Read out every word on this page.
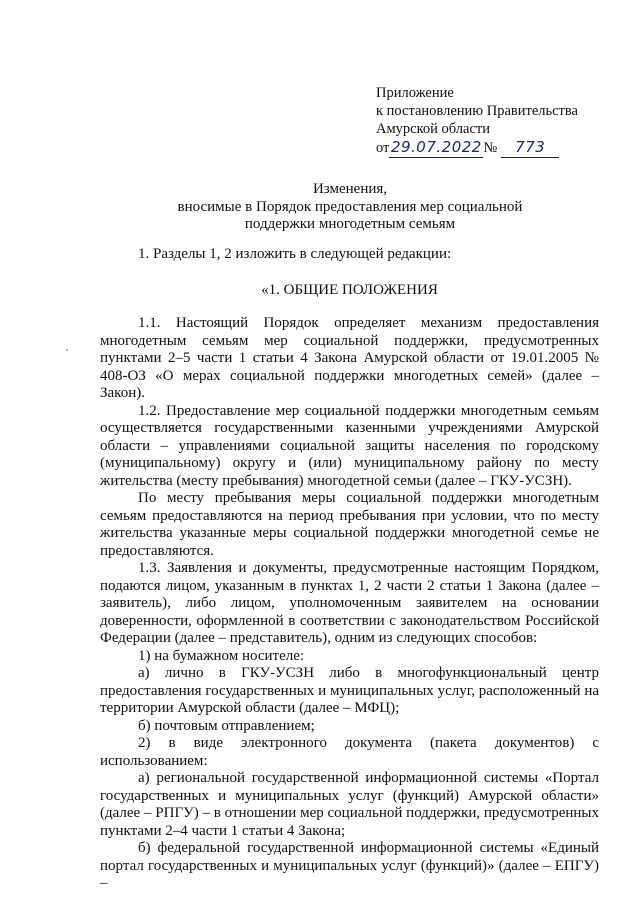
Приложение
к постановлению Правительства
Амурской области
от 29.07.2022 № 773
Изменения,
вносимые в Порядок предоставления мер социальной
поддержки многодетным семьям

1. Разделы 1, 2 изложить в следующей редакции:

«1. ОБЩИЕ ПОЛОЖЕНИЯ

1.1. Настоящий Порядок определяет механизм предоставления многодетным семьям мер социальной поддержки, предусмотренных пунктами 2–5 части 1 статьи 4 Закона Амурской области от 19.01.2005 № 408-ОЗ «О мерах социальной поддержки многодетных семей» (далее – Закон).

1.2. Предоставление мер социальной поддержки многодетным семьям осуществляется государственными казенными учреждениями Амурской области – управлениями социальной защиты населения по городскому (муниципальному) округу и (или) муниципальному району по месту жительства (месту пребывания) многодетной семьи (далее – ГКУ-УСЗН).

По месту пребывания меры социальной поддержки многодетным семьям предоставляются на период пребывания при условии, что по месту жительства указанные меры социальной поддержки многодетной семье не предоставляются.

1.3. Заявления и документы, предусмотренные настоящим Порядком, подаются лицом, указанным в пунктах 1, 2 части 2 статьи 1 Закона (далее – заявитель), либо лицом, уполномоченным заявителем на основании доверенности, оформленной в соответствии с законодательством Российской Федерации (далее – представитель), одним из следующих способов:

1) на бумажном носителе:

а) лично в ГКУ-УСЗН либо в многофункциональный центр предоставления государственных и муниципальных услуг, расположенный на территории Амурской области (далее – МФЦ);

б) почтовым отправлением;

2) в виде электронного документа (пакета документов) с использованием:

а) региональной государственной информационной системы «Портал государственных и муниципальных услуг (функций) Амурской области» (далее – РПГУ) – в отношении мер социальной поддержки, предусмотренных пунктами 2–4 части 1 статьи 4 Закона;

б) федеральной государственной информационной системы «Единый портал государственных и муниципальных услуг (функций)» (далее – ЕПГУ) –
